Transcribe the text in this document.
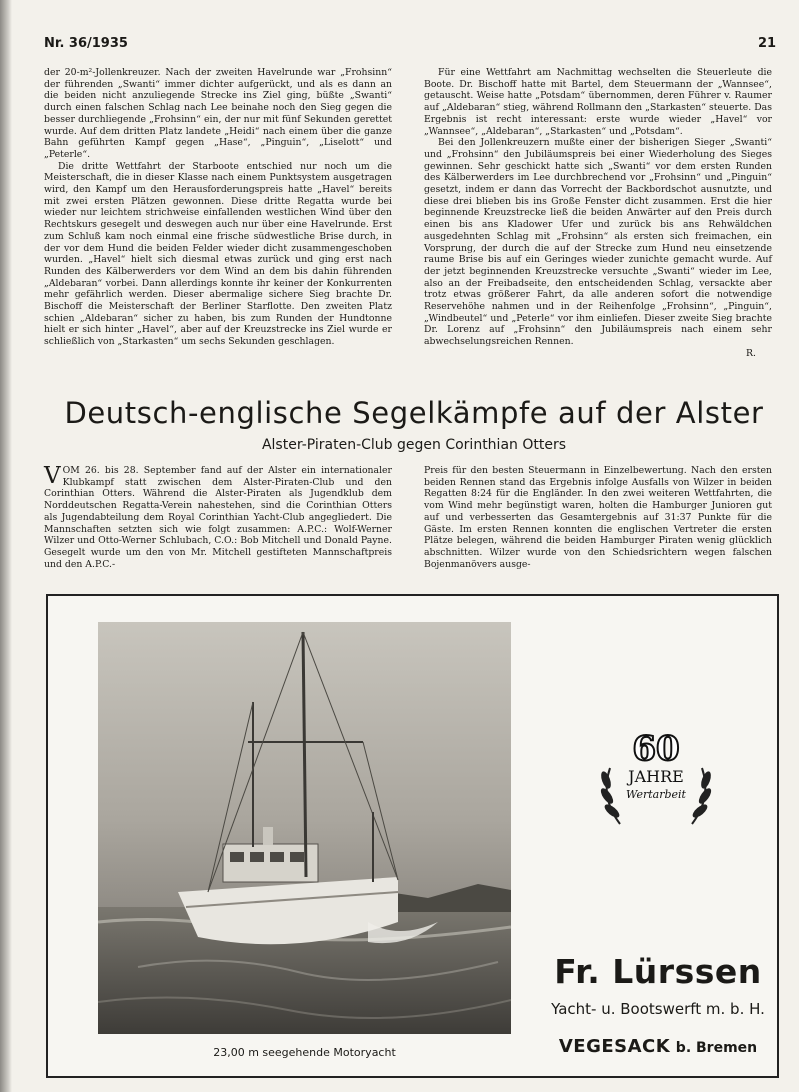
Nr. 36/1935	21

der 20-m²-Jollenkreuzer. Nach der zweiten Havelrunde war „Frohsinn“ der führenden „Swanti“ immer dichter aufgerückt, und als es dann an die beiden nicht anzuliegende Strecke ins Ziel ging, büßte „Swanti“ durch einen falschen Schlag nach Lee beinahe noch den Sieg gegen die besser durchliegende „Frohsinn“ ein, der nur mit fünf Sekunden gerettet wurde. Auf dem dritten Platz landete „Heidi“ nach einem über die ganze Bahn geführten Kampf gegen „Hase“, „Pinguin“, „Liselott“ und „Peterle“.

Die dritte Wettfahrt der Starboote entschied nur noch um die Meisterschaft, die in dieser Klasse nach einem Punktsystem ausgetragen wird, den Kampf um den Herausforderungspreis hatte „Havel“ bereits mit zwei ersten Plätzen gewonnen. Diese dritte Regatta wurde bei wieder nur leichtem strichweise einfallenden westlichen Wind über den Rechtskurs gesegelt und deswegen auch nur über eine Havelrunde. Erst zum Schluß kam noch einmal eine frische südwestliche Brise durch, in der vor dem Hund die beiden Felder wieder dicht zusammengeschoben wurden. „Havel“ hielt sich diesmal etwas zurück und ging erst nach Runden des Kälberwerders vor dem Wind an dem bis dahin führenden „Aldebaran“ vorbei. Dann allerdings konnte ihr keiner der Konkurrenten mehr gefährlich werden. Dieser abermalige sichere Sieg brachte Dr. Bischoff die Meisterschaft der Berliner Starflotte. Den zweiten Platz schien „Aldebaran“ sicher zu haben, bis zum Runden der Hundtonne hielt er sich hinter „Havel“, aber auf der Kreuzstrecke ins Ziel wurde er schließlich von „Starkasten“ um sechs Sekunden geschlagen.

Für eine Wettfahrt am Nachmittag wechselten die Steuerleute die Boote. Dr. Bischoff hatte mit Bartel, dem Steuermann der „Wannsee“, getauscht. Weise hatte „Potsdam“ übernommen, deren Führer v. Raumer auf „Aldebaran“ stieg, während Rollmann den „Starkasten“ steuerte. Das Ergebnis ist recht interessant: erste wurde wieder „Havel“ vor „Wannsee“, „Aldebaran“, „Starkasten“ und „Potsdam“.

Bei den Jollenkreuzern mußte einer der bisherigen Sieger „Swanti“ und „Frohsinn“ den Jubiläumspreis bei einer Wiederholung des Sieges gewinnen. Sehr geschickt hatte sich „Swanti“ vor dem ersten Runden des Kälberwerders im Lee durchbrechend vor „Frohsinn“ und „Pinguin“ gesetzt, indem er dann das Vorrecht der Backbordschot ausnutzte, und diese drei blieben bis ins Große Fenster dicht zusammen. Erst die hier beginnende Kreuzstrecke ließ die beiden Anwärter auf den Preis durch einen bis ans Kladower Ufer und zurück bis ans Rehwäldchen ausgedehnten Schlag mit „Frohsinn“ als ersten sich freimachen, ein Vorsprung, der durch die auf der Strecke zum Hund neu einsetzende raume Brise bis auf ein Geringes wieder zunichte gemacht wurde. Auf der jetzt beginnenden Kreuzstrecke versuchte „Swanti“ wieder im Lee, also an der Freibadseite, den entscheidenden Schlag, versackte aber trotz etwas größerer Fahrt, da alle anderen sofort die notwendige Reservehöhe nahmen und in der Reihenfolge „Frohsinn“, „Pinguin“, „Windbeutel“ und „Peterle“ vor ihm einliefen. Dieser zweite Sieg brachte Dr. Lorenz auf „Frohsinn“ den Jubiläumspreis nach einem sehr abwechselungsreichen Rennen.

R.
Deutsch-englische Segelkämpfe auf der Alster
Alster-Piraten-Club gegen Corinthian Otters

VOM 26. bis 28. September fand auf der Alster ein internationaler Klubkampf statt zwischen dem Alster-Piraten-Club und den Corinthian Otters. Während die Alster-Piraten als Jugendklub dem Norddeutschen Regatta-Verein nahestehen, sind die Corinthian Otters als Jugendabteilung dem Royal Corinthian Yacht-Club angegliedert. Die Mannschaften setzten sich wie folgt zusammen: A.P.C.: Wolf-Werner Wilzer und Otto-Werner Schlubach, C.O.: Bob Mitchell und Donald Payne. Gesegelt wurde um den von Mr. Mitchell gestifteten Mannschaftpreis und den A.P.C.-

Preis für den besten Steuermann in Einzelbewertung. Nach den ersten beiden Rennen stand das Ergebnis infolge Ausfalls von Wilzer in beiden Regatten 8:24 für die Engländer. In den zwei weiteren Wettfahrten, die vom Wind mehr begünstigt waren, holten die Hamburger Junioren gut auf und verbesserten das Gesamtergebnis auf 31:37 Punkte für die Gäste. Im ersten Rennen konnten die englischen Vertreter die ersten Plätze belegen, während die beiden Hamburger Piraten wenig glücklich abschnitten. Wilzer wurde von den Schiedsrichtern wegen falschen Bojenmanövers ausge-

23,00 m seegehende Motoryacht
60
JAHRE
Wertarbeit
Fr. Lürssen
Yacht- u. Bootswerft m. b. H.
VEGESACK b. Bremen
